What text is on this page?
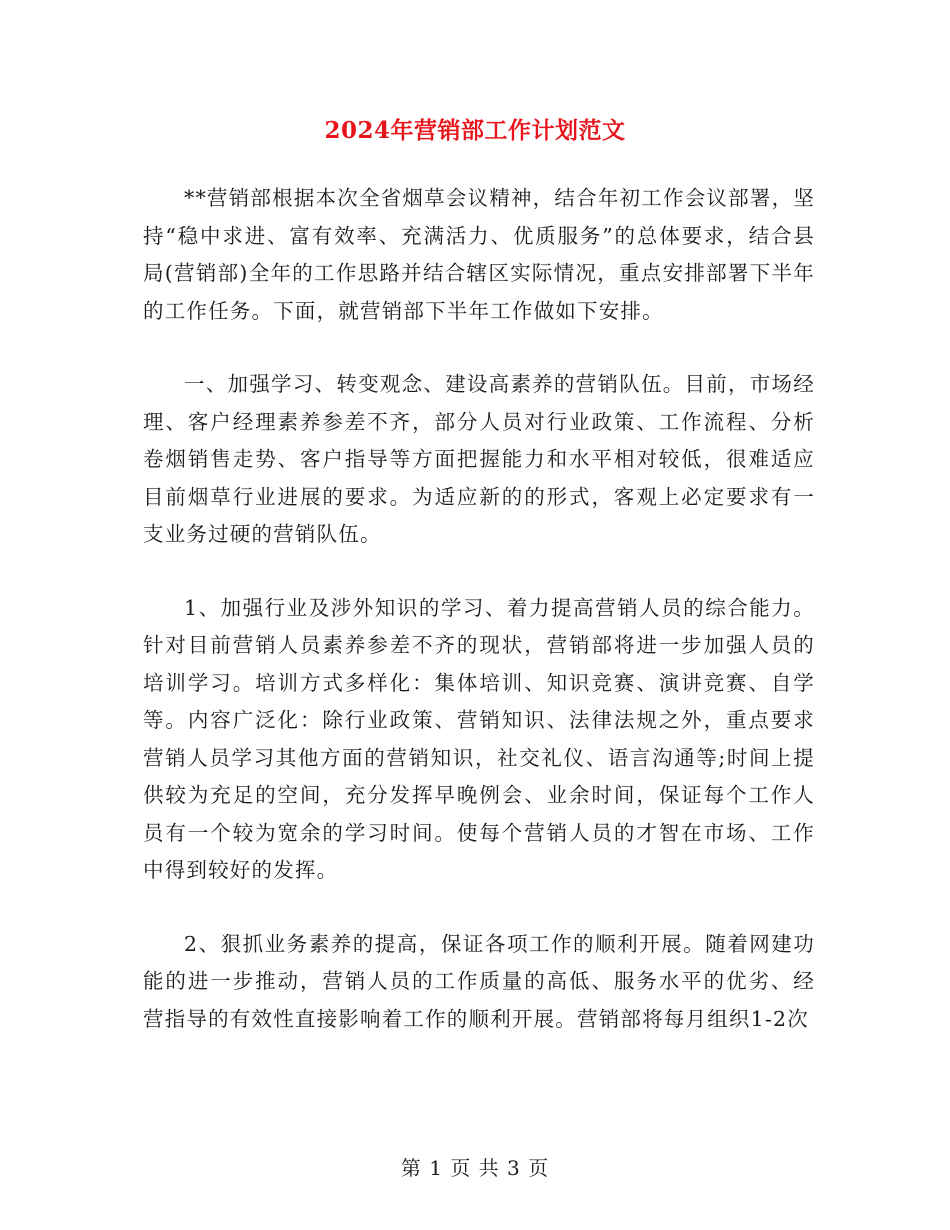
2024年营销部工作计划范文

**营销部根据本次全省烟草会议精神，结合年初工作会议部署，坚持“稳中求进、富有效率、充满活力、优质服务”的总体要求，结合县局(营销部)全年的工作思路并结合辖区实际情况，重点安排部署下半年的工作任务。下面，就营销部下半年工作做如下安排。

一、加强学习、转变观念、建设高素养的营销队伍。目前，市场经理、客户经理素养参差不齐，部分人员对行业政策、工作流程、分析卷烟销售走势、客户指导等方面把握能力和水平相对较低，很难适应目前烟草行业进展的要求。为适应新的的形式，客观上必定要求有一支业务过硬的营销队伍。

1、加强行业及涉外知识的学习、着力提高营销人员的综合能力。针对目前营销人员素养参差不齐的现状，营销部将进一步加强人员的培训学习。培训方式多样化：集体培训、知识竞赛、演讲竞赛、自学等。内容广泛化：除行业政策、营销知识、法律法规之外，重点要求营销人员学习其他方面的营销知识，社交礼仪、语言沟通等;时间上提供较为充足的空间，充分发挥早晚例会、业余时间，保证每个工作人员有一个较为宽余的学习时间。使每个营销人员的才智在市场、工作中得到较好的发挥。

2、狠抓业务素养的提高，保证各项工作的顺利开展。随着网建功能的进一步推动，营销人员的工作质量的高低、服务水平的优劣、经营指导的有效性直接影响着工作的顺利开展。营销部将每月组织1-2次

第 1 页 共 3 页
